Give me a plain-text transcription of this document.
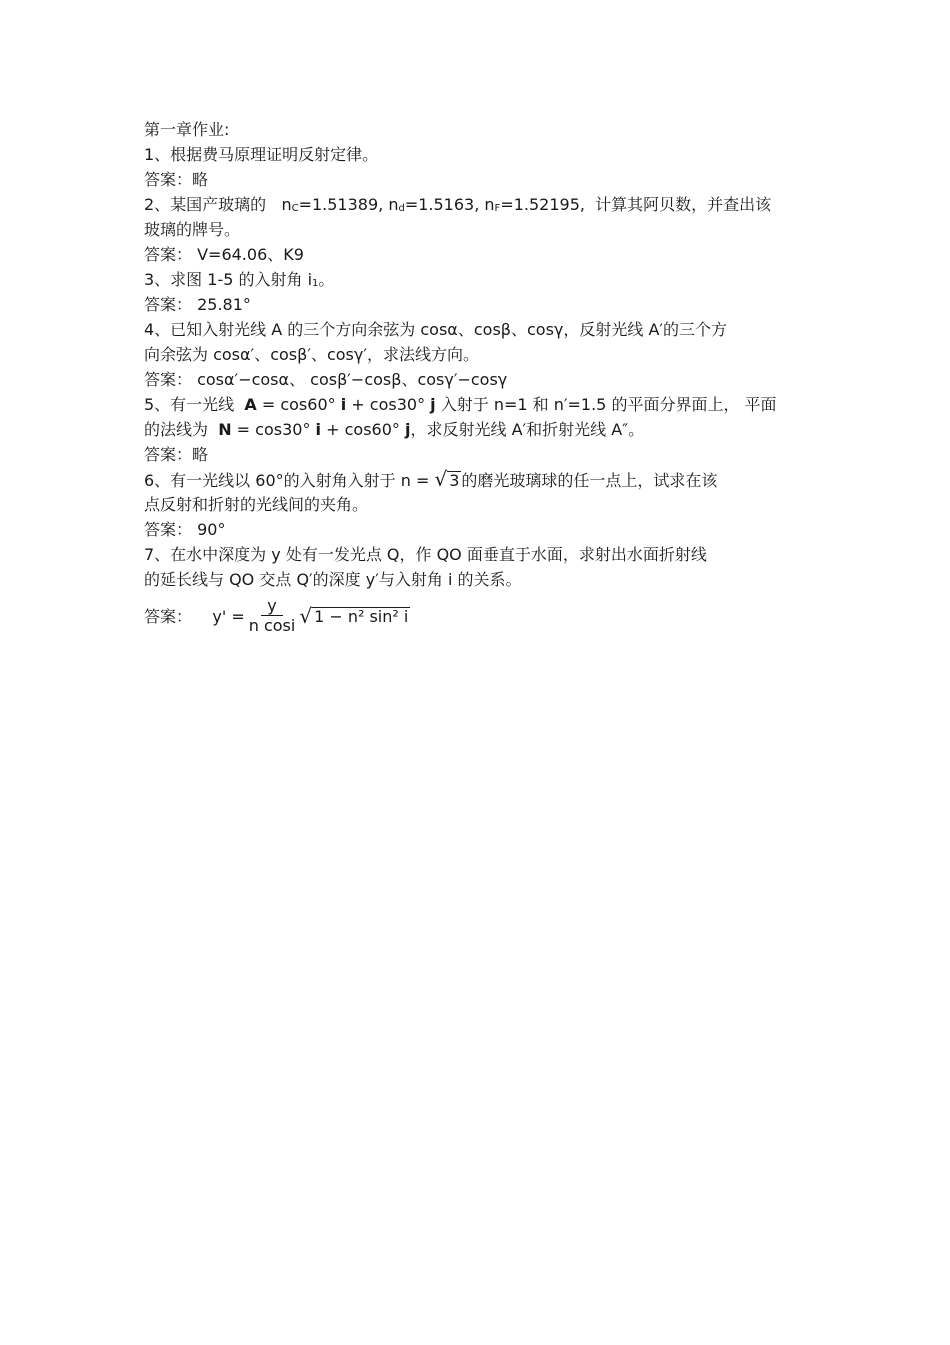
第一章作业:
1、根据费马原理证明反射定律。
答案：略
2、某国产玻璃的 $n_C=1.51389$, $n_d=1.5163$, $n_F=1.52195$, 计算其阿贝数，并查出该
玻璃的牌号。
答案： V=64.06、K9
3、求图 1-5 的入射角 $i_1$。
答案： 25.81°
4、已知入射光线 A 的三个方向余弦为 cosα、cosβ、cosγ，反射光线 A′的三个方
向余弦为 cosα′、cosβ′、cosγ′，求法线方向。
答案： cosα′−cosα、 cosβ′−cosβ、cosγ′−cosγ
5、有一光线 A = cos60° i + cos30° j 入射于 n=1 和 n′=1.5 的平面分界面上， 平面
的法线为 N = cos30° i + cos60° j，求反射光线 A′和折射光线 A″。
答案：略
6、有一光线以 60°的入射角入射于 n = √ 3 的磨光玻璃球的任一点上，试求在该
点反射和折射的光线间的夹角。
答案： 90°
7、在水中深度为 y 处有一发光点 Q，作 QO 面垂直于水面，求射出水面折射线
的延长线与 QO 交点 Q′的深度 y′与入射角 i 的关系。
答案：
$y' = \frac{y}{\text{n cosi}}$ √ 1 − n² sin² i
